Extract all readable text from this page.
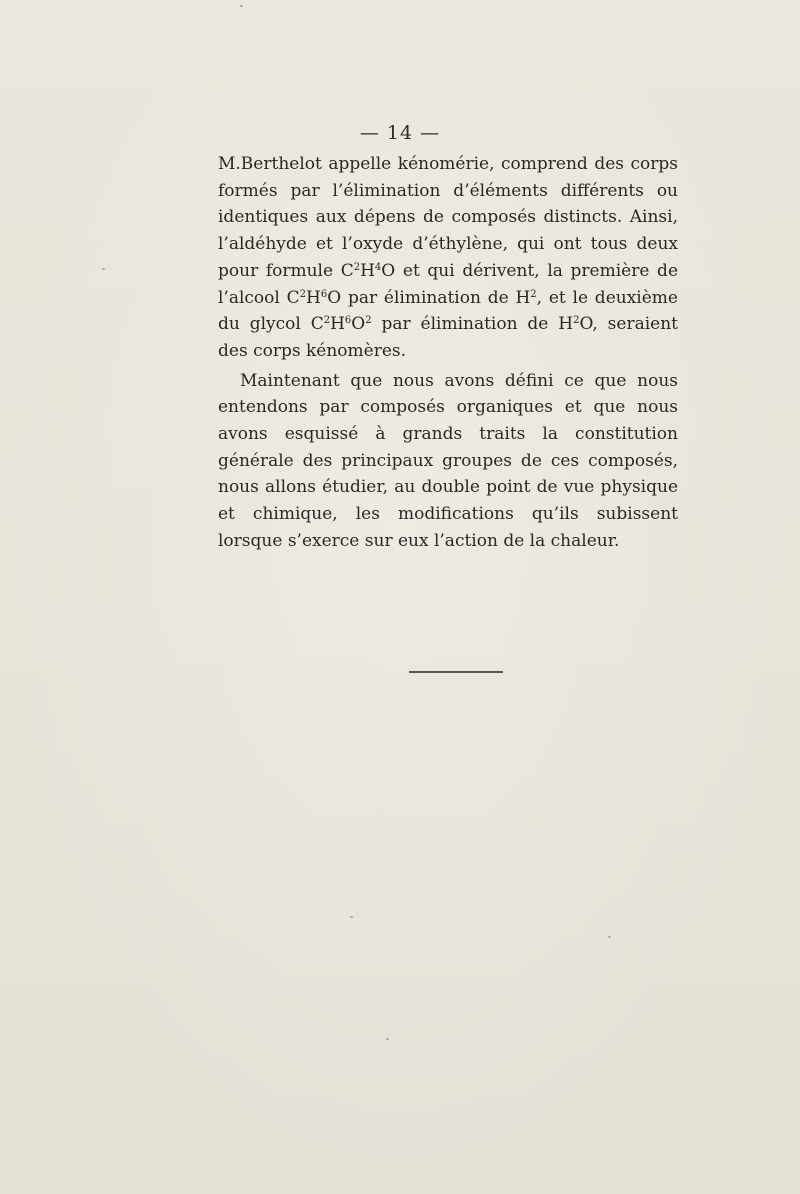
— 14 —

M.Berthelot appelle kénomérie, comprend des corps formés par l’élimination d’éléments différents ou identiques aux dépens de composés distincts. Ainsi, l’aldéhyde et l’oxyde d’éthylène, qui ont tous deux pour formule $C^2H^4O$ et qui dérivent, la première de l’alcool $C^2H^6O$ par élimination de $H^2$, et le deuxième du glycol $C^2H^6O^2$ par élimination de $H^2O$, seraient des corps kénomères.

Maintenant que nous avons défini ce que nous entendons par composés organiques et que nous avons esquissé à grands traits la constitution générale des principaux groupes de ces composés, nous allons étudier, au double point de vue physique et chimique, les modifications qu’ils subissent lorsque s’exerce sur eux l’action de la chaleur.
